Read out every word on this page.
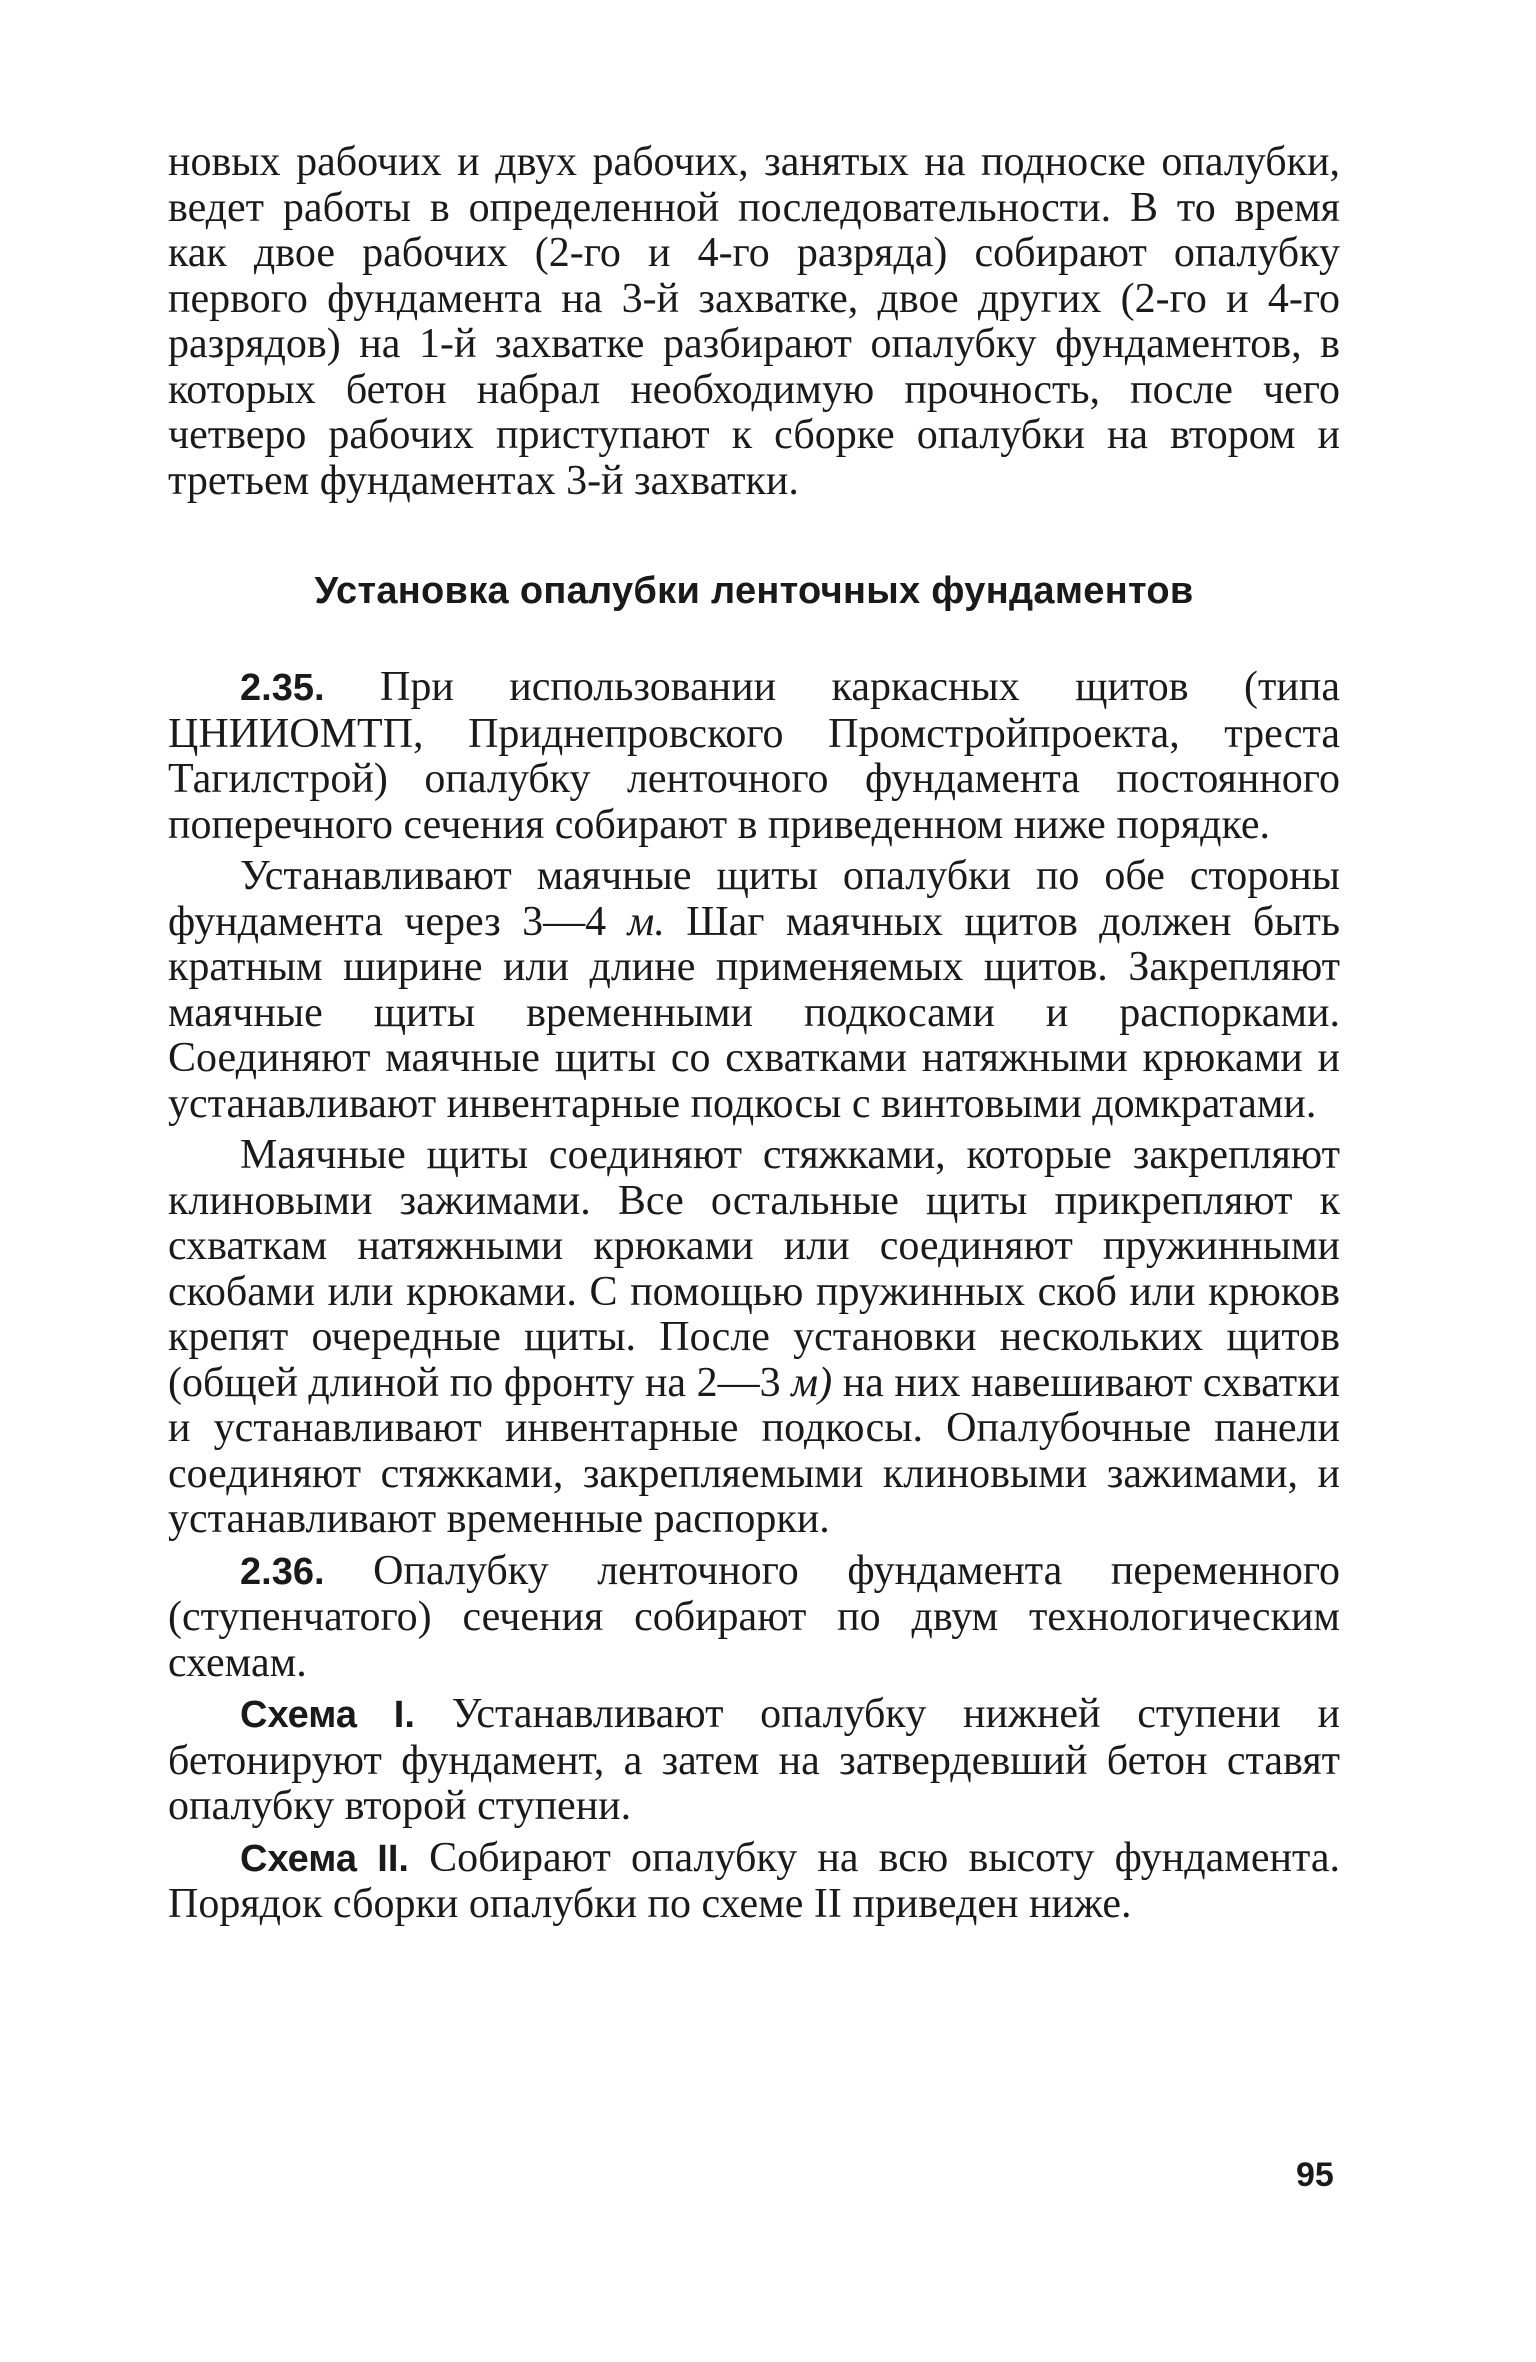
новых рабочих и двух рабочих, занятых на подноске опалубки, ведет работы в определенной последовательности. В то время как двое рабочих (2-го и 4-го разряда) собирают опалубку первого фундамента на 3-й захватке, двое других (2-го и 4-го разрядов) на 1-й захватке разбирают опалубку фундаментов, в которых бетон набрал необходимую прочность, после чего четверо рабочих приступают к сборке опалубки на втором и третьем фундаментах 3-й захватки.

Установка опалубки ленточных фундаментов

2.35. При использовании каркасных щитов (типа ЦНИИОМТП, Приднепровского Промстройпроекта, треста Тагилстрой) опалубку ленточного фундамента постоянного поперечного сечения собирают в приведенном ниже порядке.

Устанавливают маячные щиты опалубки по обе стороны фундамента через 3—4 м. Шаг маячных щитов должен быть кратным ширине или длине применяемых щитов. Закрепляют маячные щиты временными подкосами и распорками. Соединяют маячные щиты со схватками натяжными крюками и устанавливают инвентарные подкосы с винтовыми домкратами.

Маячные щиты соединяют стяжками, которые закрепляют клиновыми зажимами. Все остальные щиты прикрепляют к схваткам натяжными крюками или соединяют пружинными скобами или крюками. С помощью пружинных скоб или крюков крепят очередные щиты. После установки нескольких щитов (общей длиной по фронту на 2—3 м) на них навешивают схватки и устанавливают инвентарные подкосы. Опалубочные панели соединяют стяжками, закрепляемыми клиновыми зажимами, и устанавливают временные распорки.

2.36. Опалубку ленточного фундамента переменного (ступенчатого) сечения собирают по двум технологическим схемам.

Схема I. Устанавливают опалубку нижней ступени и бетонируют фундамент, а затем на затвердевший бетон ставят опалубку второй ступени.

Схема II. Собирают опалубку на всю высоту фундамента. Порядок сборки опалубки по схеме II приведен ниже.

95
